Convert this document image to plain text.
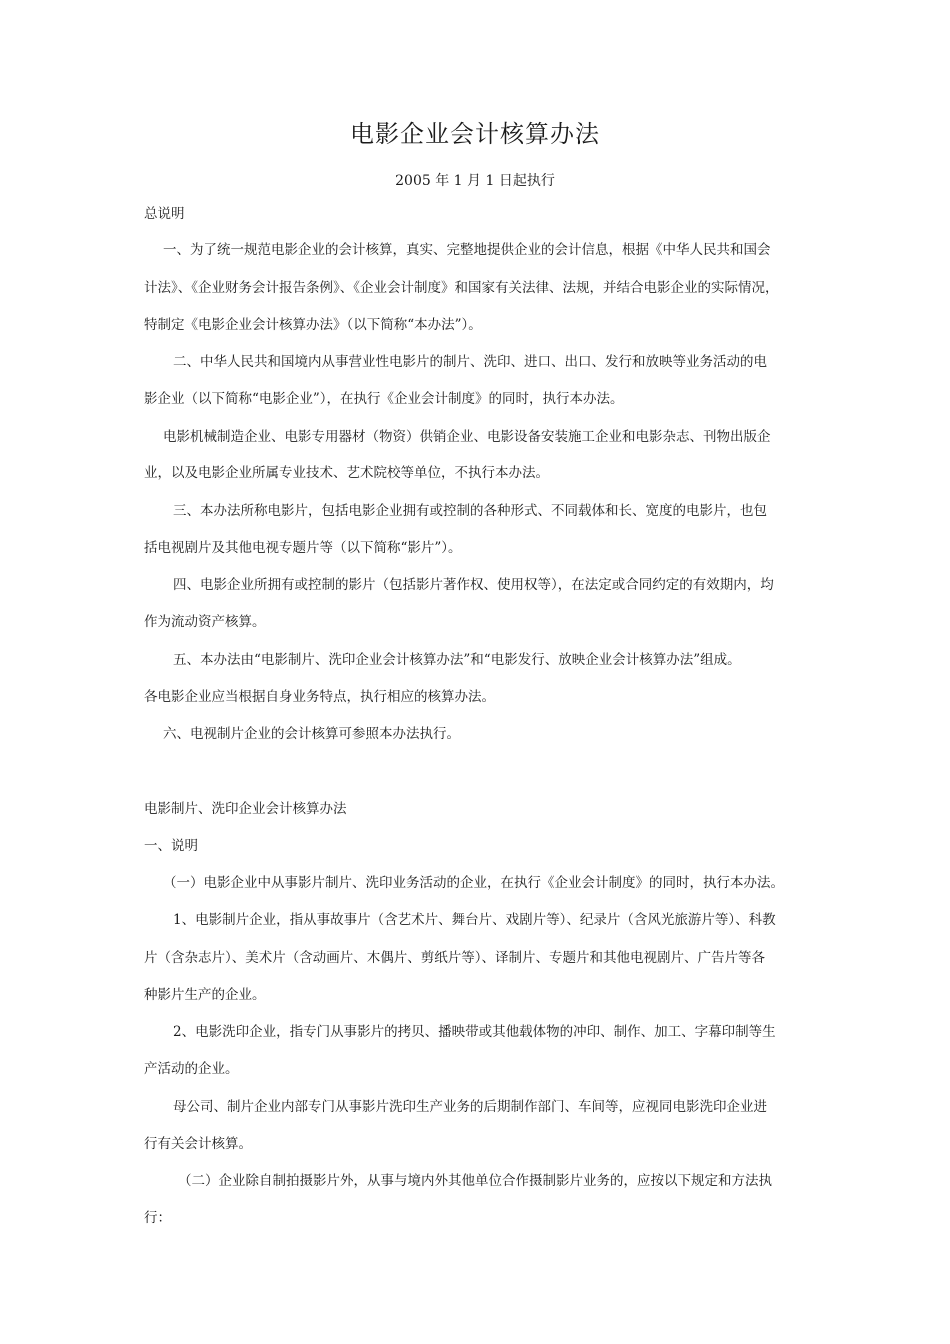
电影企业会计核算办法
2005 年 1 月 1 日起执行
总说明
一、为了统一规范电影企业的会计核算，真实、完整地提供企业的会计信息，根据《中华人民共和国会
计法》、《企业财务会计报告条例》、《企业会计制度》和国家有关法律、法规，并结合电影企业的实际情况，
特制定《电影企业会计核算办法》（以下简称“本办法”）。
二、中华人民共和国境内从事营业性电影片的制片、洗印、进口、出口、发行和放映等业务活动的电
影企业（以下简称“电影企业”），在执行《企业会计制度》的同时，执行本办法。
电影机械制造企业、电影专用器材（物资）供销企业、电影设备安装施工企业和电影杂志、刊物出版企
业，以及电影企业所属专业技术、艺术院校等单位，不执行本办法。
三、本办法所称电影片，包括电影企业拥有或控制的各种形式、不同载体和长、宽度的电影片，也包
括电视剧片及其他电视专题片等（以下简称“影片”）。
四、电影企业所拥有或控制的影片（包括影片著作权、使用权等），在法定或合同约定的有效期内，均
作为流动资产核算。
五、本办法由“电影制片、洗印企业会计核算办法”和“电影发行、放映企业会计核算办法”组成。
各电影企业应当根据自身业务特点，执行相应的核算办法。
六、电视制片企业的会计核算可参照本办法执行。
电影制片、洗印企业会计核算办法
一、说明
（一）电影企业中从事影片制片、洗印业务活动的企业，在执行《企业会计制度》的同时，执行本办法。
1、电影制片企业，指从事故事片（含艺术片、舞台片、戏剧片等）、纪录片（含风光旅游片等）、科教
片（含杂志片）、美术片（含动画片、木偶片、剪纸片等）、译制片、专题片和其他电视剧片、广告片等各
种影片生产的企业。
2、电影洗印企业，指专门从事影片的拷贝、播映带或其他载体物的冲印、制作、加工、字幕印制等生
产活动的企业。
母公司、制片企业内部专门从事影片洗印生产业务的后期制作部门、车间等，应视同电影洗印企业进
行有关会计核算。
（二）企业除自制拍摄影片外，从事与境内外其他单位合作摄制影片业务的，应按以下规定和方法执
行：
